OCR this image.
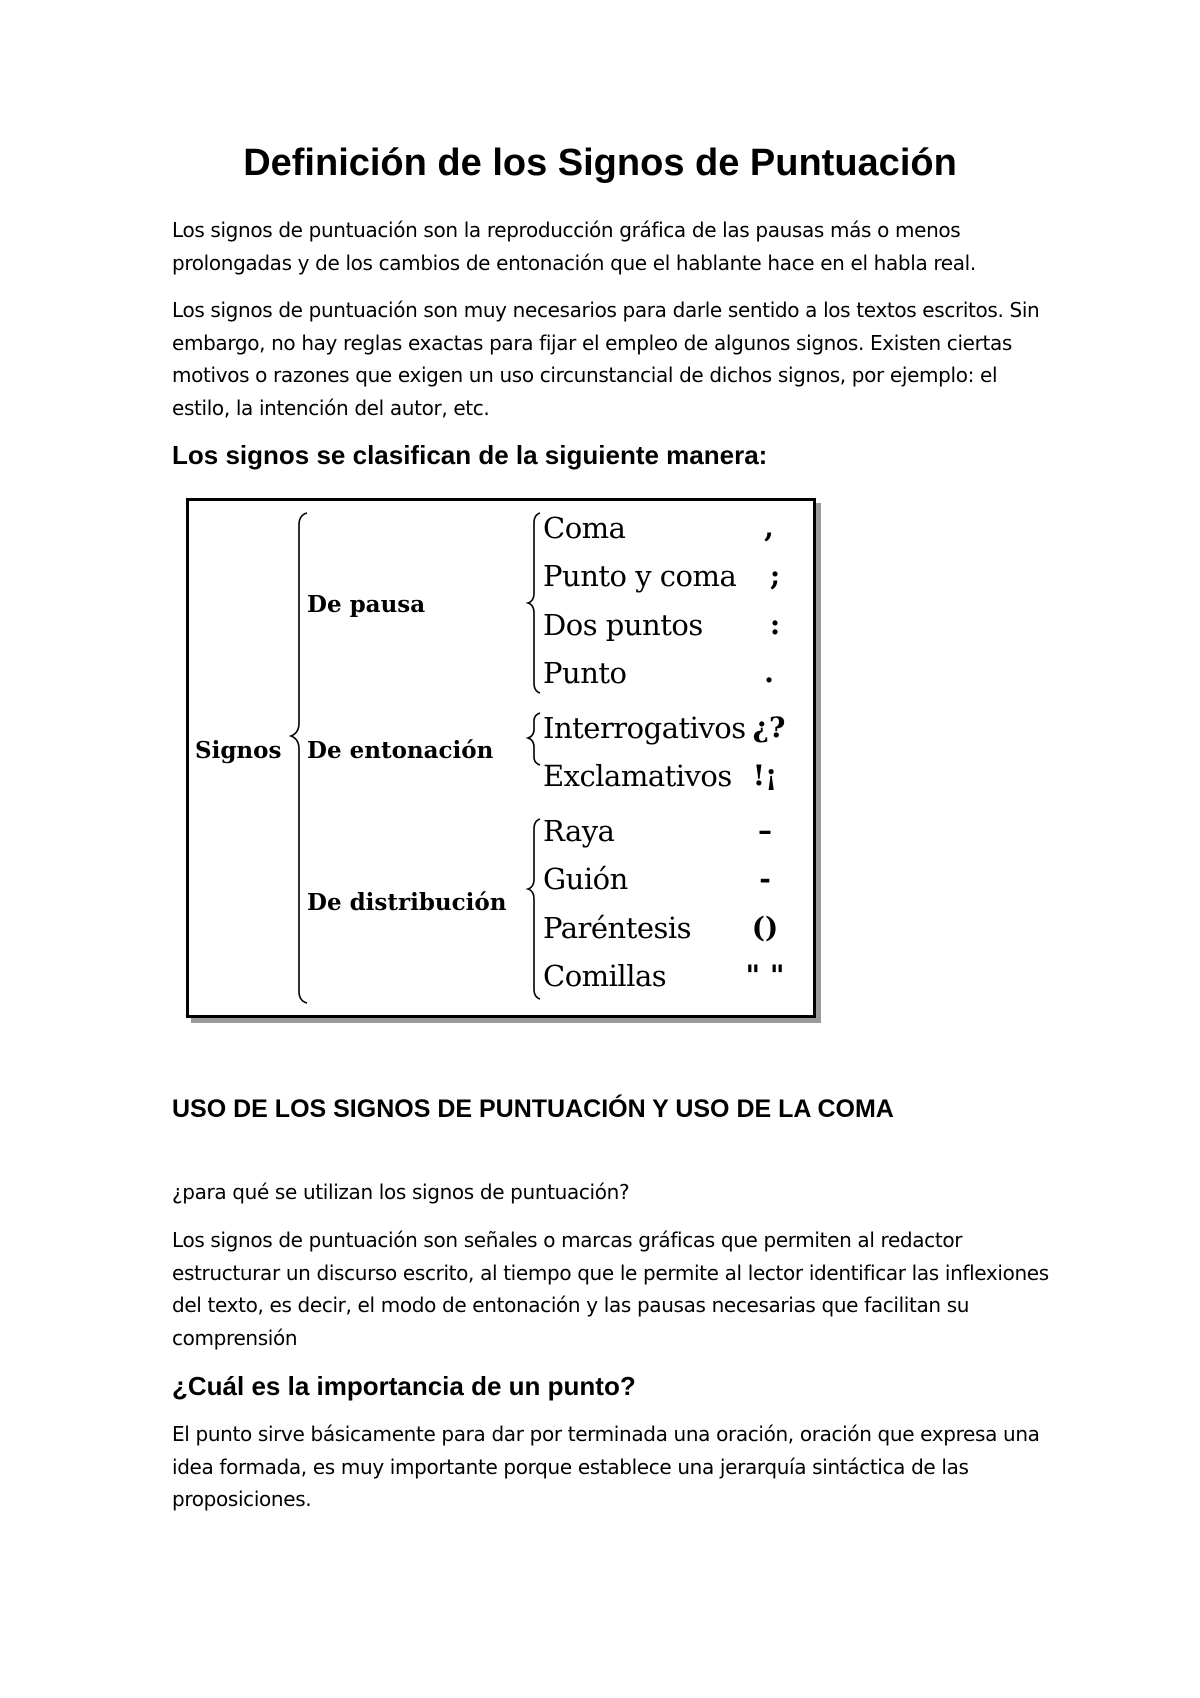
Definición de los Signos de Puntuación

Los signos de puntuación son la reproducción gráfica de las pausas más o menos prolongadas y de los cambios de entonación que el hablante hace en el habla real.

Los signos de puntuación son muy necesarios para darle sentido a los textos escritos. Sin embargo, no hay reglas exactas para fijar el empleo de algunos signos. Existen ciertas motivos o razones que exigen un uso circunstancial de dichos signos, por ejemplo: el estilo, la intención del autor, etc.

Los signos se clasifican de la siguiente manera:
Signos
De pausa
De entonación
De distribución
Coma	,
Punto y coma	;
Dos puntos	:
Punto	.
Interrogativos ¿?
Exclamativos !¡
Raya	–
Guión	-
Paréntesis ()
Comillas	" "
USO DE LOS SIGNOS DE PUNTUACIÓN Y USO DE LA COMA

¿para qué se utilizan los signos de puntuación?

Los signos de puntuación son señales o marcas gráficas que permiten al redactor estructurar un discurso escrito, al tiempo que le permite al lector identificar las inflexiones del texto, es decir, el modo de entonación y las pausas necesarias que facilitan su comprensión

¿Cuál es la importancia de un punto?

El punto sirve básicamente para dar por terminada una oración, oración que expresa una idea formada, es muy importante porque establece una jerarquía sintáctica de las proposiciones.
